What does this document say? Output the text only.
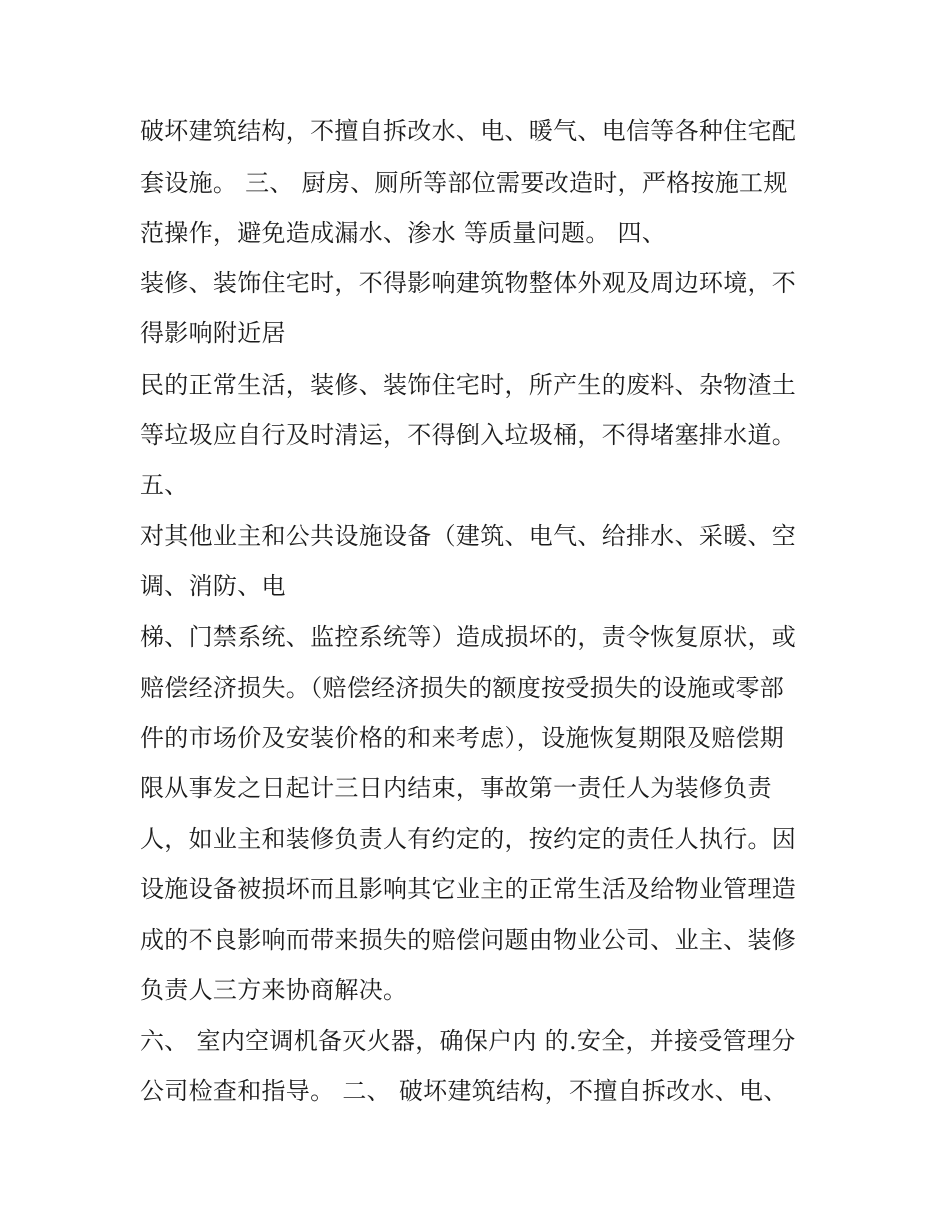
破坏建筑结构，不擅自拆改水、电、暖气、电信等各种住宅配
套设施。 三、 厨房、厕所等部位需要改造时，严格按施工规
范操作，避免造成漏水、渗水 等质量问题。 四、
装修、装饰住宅时，不得影响建筑物整体外观及周边环境，不
得影响附近居
民的正常生活，装修、装饰住宅时，所产生的废料、杂物渣土
等垃圾应自行及时清运，不得倒入垃圾桶，不得堵塞排水道。
五、
对其他业主和公共设施设备（建筑、电气、给排水、采暖、空
调、消防、电
梯、门禁系统、监控系统等）造成损坏的，责令恢复原状，或
赔偿经济损失。（赔偿经济损失的额度按受损失的设施或零部
件的市场价及安装价格的和来考虑），设施恢复期限及赔偿期
限从事发之日起计三日内结束，事故第一责任人为装修负责
人，如业主和装修负责人有约定的，按约定的责任人执行。因
设施设备被损坏而且影响其它业主的正常生活及给物业管理造
成的不良影响而带来损失的赔偿问题由物业公司、业主、装修
负责人三方来协商解决。
六、 室内空调机备灭火器，确保户内 的.安全，并接受管理分
公司检查和指导。 二、 破坏建筑结构，不擅自拆改水、电、
